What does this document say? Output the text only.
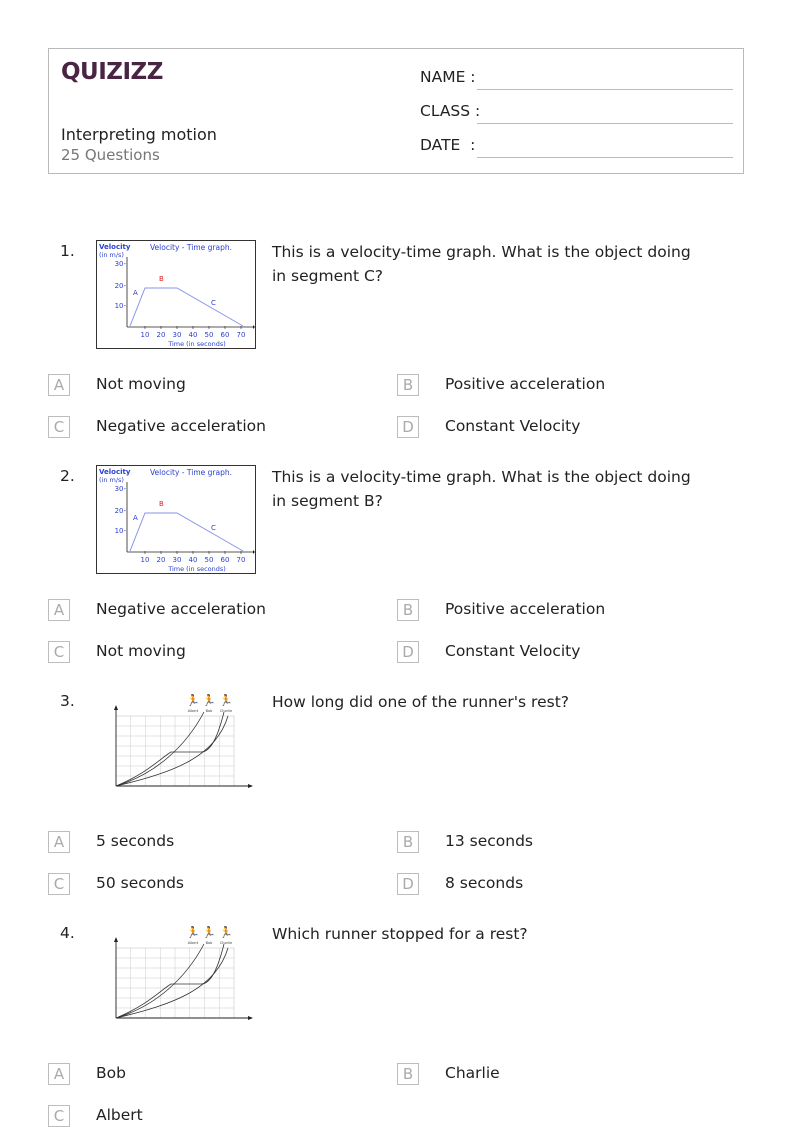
QUIZIZZ
Interpreting motion
25 Questions
NAME :
CLASS :
DATE  :
1.	Velocity
(in m/s)
Velocity - Time graph.
30-
20-
10-
10 20 30 40 50 60 70
Time (in seconds)
A
B
C
This is a velocity-time graph. What is the object doing in segment C?
A	Not moving	B	Positive acceleration
C	Negative acceleration	D	Constant Velocity
2.	Velocity
(in m/s)
Velocity - Time graph.
30-
20-
10-
10 20 30 40 50 60 70
Time (in seconds)
A
B
C
This is a velocity-time graph. What is the object doing in segment B?
A	Negative acceleration	B	Positive acceleration
C	Not moving	D	Constant Velocity
3.	🏃
Albert
🏃
Bob
🏃
Charlie	How long did one of the runner's rest?
A	5 seconds	B	13 seconds
C	50 seconds	D	8 seconds
4.	🏃
Albert
🏃
Bob
🏃
Charlie	Which runner stopped for a rest?
A	Bob	B	Charlie
C	Albert
